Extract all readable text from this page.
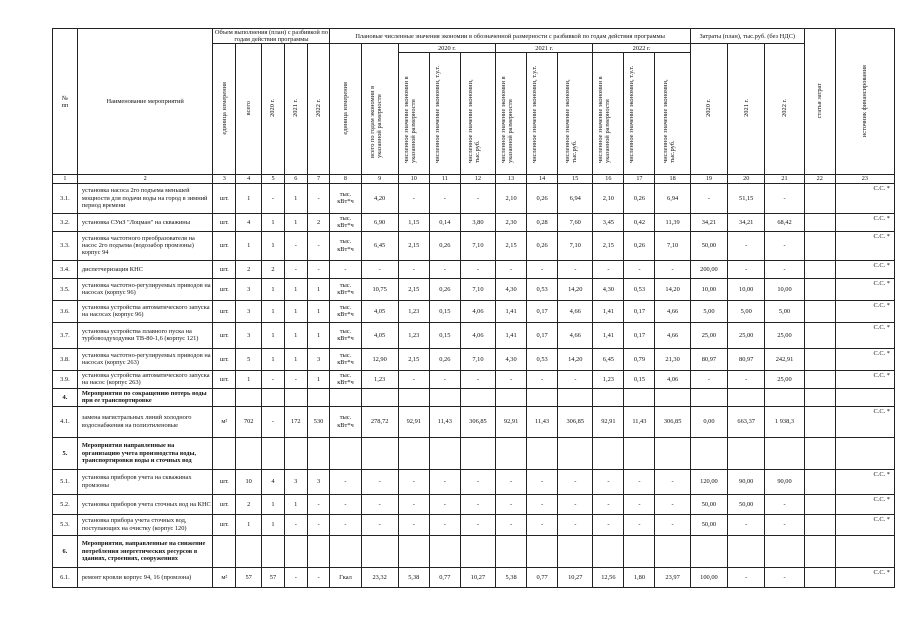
№
пп	Наименование мероприятий	Объем выполнения (план) с разбивкой по годам действия программы					Плановые численные значения экономии в обозначенной размерности с разбивкой по годам действия программы											Затраты (план), тыс.руб. (без НДС)			статья затрат	источник финансирования
		единица измерения	всего	2020 г.	2021 г.	2022 г.	единица измерения	всего по годам экономии в указанной размерности	2020 г.			2021 г.			2022 г.			2020 г.	2021 г.	2022 г.		
									численное значение экономии в указанной размерности	численное значение экономии, т.у.т.	численное значение экономии, тыс.руб.	численное значение экономии в указанной размерности	численное значение экономии, т.у.т.	численное значение экономии, тыс.руб.	численное значение экономии в указанной размерности	численное значение экономии, т.у.т.	численное значение экономии, тыс.руб.					
1	2	3	4	5	6	7	8	9	10	11	12	13	14	15	16	17	18	19	20	21	22	23
3.1.	установка насоса 2го подъема меньшей мощности для подачи воды на город в зимний период времени	шт.	1	-	1	-	тыс. кВт*ч	4,20	-	-	-	2,10	0,26	6,94	2,10	0,26	6,94	-	51,15	-		С.С. *

3.2.	установка СУиЗ "Лоцман" на скважины	шт.	4	1	1	2	тыс. кВт*ч	6,90	1,15	0,14	3,80	2,30	0,28	7,60	3,45	0,42	11,39	34,21	34,21	68,42		С.С. *

3.3.	установка частотного преобразователя на насос 2го подъема (водозабор промзоны) корпус 94	шт.	1	1	-	-	тыс. кВт*ч	6,45	2,15	0,26	7,10	2,15	0,26	7,10	2,15	0,26	7,10	50,00	-	-		С.С. *

3.4.	диспетчеризация КНС	шт.	2	2	-	-	-	-	-	-	-	-	-	-	-	-	-	200,00	-	-		С.С. *

3.5.	установка частотно-регулируемых приводов на насосах (корпус 96)	шт.	3	1	1	1	тыс. кВт*ч	10,75	2,15	0,26	7,10	4,30	0,53	14,20	4,30	0,53	14,20	10,00	10,00	10,00		С.С. *

3.6.	установка устройства автоматического запуска на насосах (корпус 96)	шт.	3	1	1	1	тыс. кВт*ч	4,05	1,23	0,15	4,06	1,41	0,17	4,66	1,41	0,17	4,66	5,00	5,00	5,00		С.С. *

3.7.	установка устройства плавного пуска на турбовоздуходувки ТВ-80-1,6 (корпус 121)	шт.	3	1	1	1	тыс. кВт*ч	4,05	1,23	0,15	4,06	1,41	0,17	4,66	1,41	0,17	4,66	25,00	25,00	25,00		С.С. *

3.8.	установка частотно-регулируемых приводов на насосах (корпус 263)	шт.	5	1	1	3	тыс. кВт*ч	12,90	2,15	0,26	7,10	4,30	0,53	14,20	6,45	0,79	21,30	80,97	80,97	242,91		С.С. *

3.9.	установка устройства автоматического запуска на насос (корпус 263)	шт.	1	-	-	1	тыс. кВт*ч	1,23	-	-	-	-	-	-	1,23	0,15	4,06	-	-	25,00		С.С. *

4.	Мероприятия по сокращению потерь воды при ее транспортировке																					
4.1.	замена магистральных линий холодного водоснабжения на полиэтиленовые	м²	702	-	172	530	тыс. кВт*ч	278,72	92,91	11,43	306,85	92,91	11,43	306,85	92,91	11,43	306,85	0,00	663,37	1 938,3		С.С. *

5.	Мероприятия направленные на организацию учета производства воды, транспортировки воды и сточных вод																					
5.1.	установка приборов учета на скважинах промзоны	шт.	10	4	3	3	-	-	-	-	-	-	-	-	-	-	-	120,00	90,00	90,00		С.С. *

5.2.	установка приборов учета сточных вод на КНС	шт.	2	1	1	-	-	-	-	-	-	-	-	-	-	-	-	50,00	50,00	-		С.С. *

5.3.	установка прибора учета сточных вод, поступающих на очистку (корпус 120)	шт.	1	1	-	-	-	-	-	-	-	-	-	-	-	-	-	50,00	-	-		С.С. *

6.	Мероприятия, направленные на снижение потребления энергетических ресурсов в зданиях, строениях, сооружениях																					
6.1.	ремонт кровли корпус 94, 16 (промзона)	м²	57	57	-	-	Гкал	23,32	5,38	0,77	10,27	5,38	0,77	10,27	12,56	1,80	23,97	100,00	-	-		С.С. *
